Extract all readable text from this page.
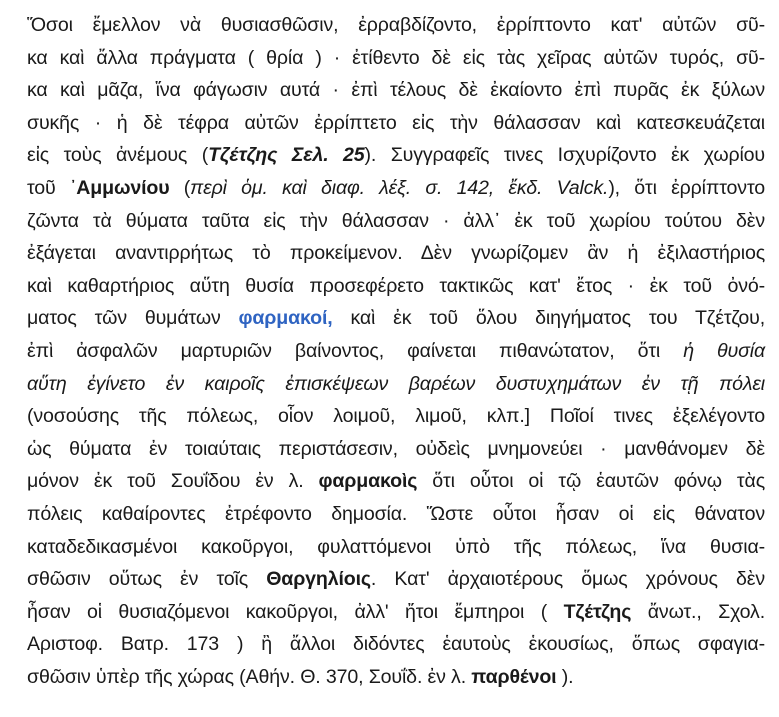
Ὅσοι ἔμελλον νὰ θυσιασθῶσιν, ἐρραβδίζοντο, ἐρρίπτοντο κατ' αὐτῶν σῦ-
κα καὶ ἄλλα πράγματα ( θρία ) · ἐτίθεντο δὲ εἰς τὰς χεῖρας αὐτῶν τυρός, σῦ-
κα καὶ μᾶζα, ἵνα φάγωσιν αυτά · ἐπὶ τέλους δὲ ἐκαίοντο ἐπὶ πυρᾶς ἐκ ξύλων
συκῆς · ἡ δὲ τέφρα αὐτῶν ἐρρίπτετο εἰς τὴν θάλασσαν καὶ κατεσκευάζεται
εἰς τοὺς ἀνέμους (Τζέτζης Σελ. 25). Συγγραφεῖς τινες Ισχυρίζοντο ἐκ χωρίου
τοῦ ᾽Αμμωνίου (περὶ ὁμ. καὶ διαφ. λέξ. σ. 142, ἔκδ. Valck.), ὅτι ἐρρίπτοντο
ζῶντα τὰ θύματα ταῦτα εἰς τὴν θάλασσαν · ἀλλ᾽ ἐκ τοῦ χωρίου τούτου δὲν
ἐξάγεται αναντιρρήτως τὸ προκείμενον. Δὲν γνωρίζομεν ἂν ἡ ἐξιλαστήριος
καὶ καθαρτήριος αὕτη θυσία προσεφέρετο τακτικῶς κατ' ἔτος · ἐκ τοῦ ὀνό-
ματος τῶν θυμάτων φαρμακοί, καὶ ἐκ τοῦ ὅλου διηγήματος του Τζέτζου,
ἐπὶ ἀσφαλῶν μαρτυριῶν βαίνοντος, φαίνεται πιθανώτατον, ὅτι ἡ θυσία
αὕτη ἐγίνετο ἐν καιροῖς ἐπισκέψεων βαρέων δυστυχημάτων ἐν τῇ πόλει
(νοσούσης τῆς πόλεως, οἷον λοιμοῦ, λιμοῦ, κλπ.] Ποῖοί τινες ἐξελέγοντο
ὡς θύματα ἐν τοιαύταις περιστάσεσιν, οὐδεὶς μνημονεύει · μανθάνομεν δὲ
μόνον ἐκ τοῦ Σουΐδου ἐν λ. φαρμακοὶς ὅτι οὗτοι οἱ τῷ ἑαυτῶν φόνῳ τὰς
πόλεις καθαίροντες ἐτρέφοντο δημοσία. Ὥστε οὗτοι ἦσαν οἱ εἰς θάνατον
καταδεδικασμένοι κακοῦργοι, φυλαττόμενοι ὑπὸ τῆς πόλεως, ἵνα θυσια-
σθῶσιν οὕτως ἐν τοῖς Θαργηλίοις. Κατ' ἀρχαιοτέρους ὅμως χρόνους δὲν
ἦσαν οἱ θυσιαζόμενοι κακοῦργοι, ἀλλ' ἤτοι ἔμπηροι ( Τζέτζης ἄνωτ., Σχολ.
Αριστοφ. Βατρ. 173 ) ἢ ἄλλοι διδόντες ἑαυτοὺς ἑκουσίως, ὅπως σφαγια-
σθῶσιν ὑπὲρ τῆς χώρας (Αθήν. Θ. 370, Σουΐδ. ἐν λ. παρθένοι ).
